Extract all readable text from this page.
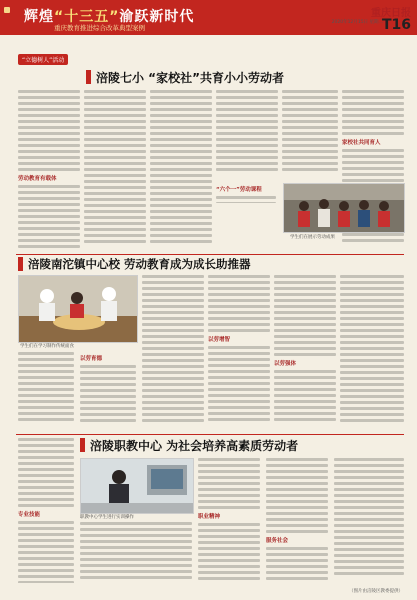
辉煌“十三五”渝跃新时代
重庆教育推进综合改革典型案例
重庆日报
2020年12月15日 星期二
T16
“立德树人”活动
涪陵七小 “家校社”共育小小劳动者
劳动教育有载体
家校社共同育人
“六个一”劳动课程
学生们在展示劳动成果
涪陵南沱镇中心校 劳动教育成为成长助推器
学生们在学习制作传统面食
以劳育德
以劳增智
以劳强体
涪陵职教中心 为社会培养高素质劳动者
专业技能	职教中心学生进行实训操作	职业精神
服务社会
（图片由涪陵区教委提供）
